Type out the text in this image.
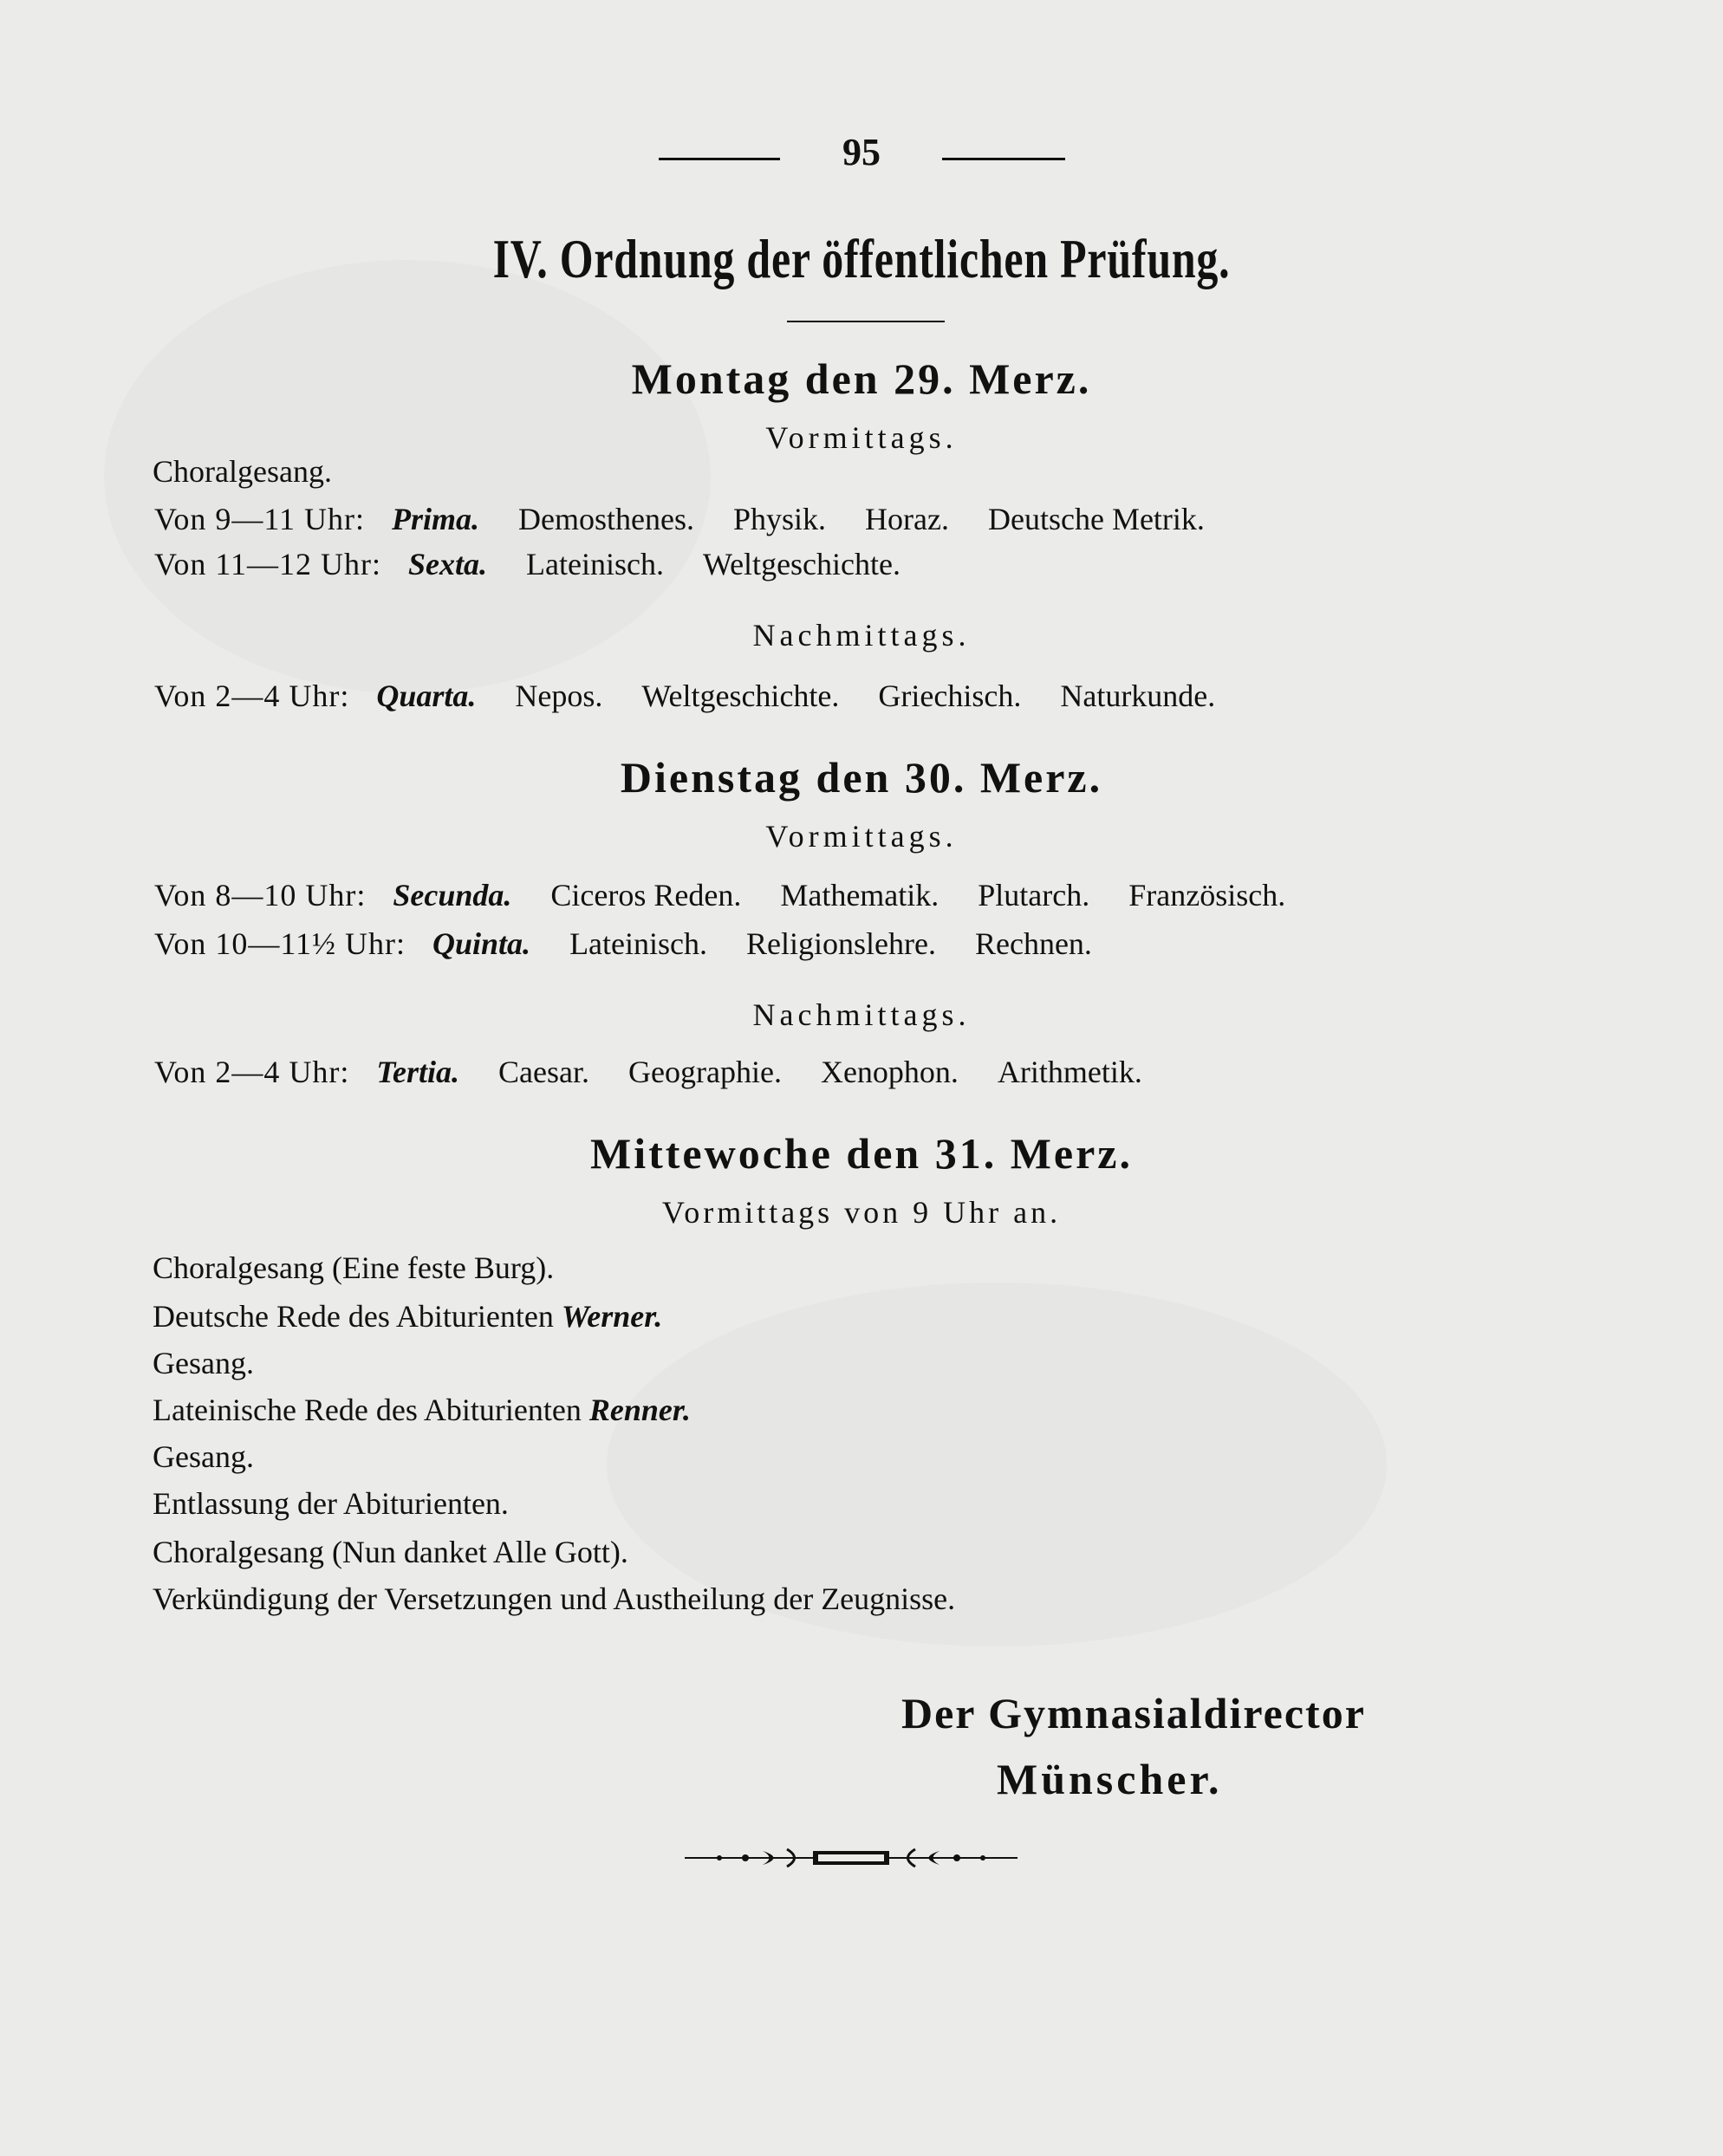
95
IV. Ordnung der öffentlichen Prüfung.
Montag den 29. Merz.
Vormittags.
Choralgesang.
Von 9—11 Uhr: Prima. Demosthenes. Physik. Horaz. Deutsche Metrik.
Von 11—12 Uhr: Sexta. Lateinisch. Weltgeschichte.
Nachmittags.
Von 2—4 Uhr: Quarta. Nepos. Weltgeschichte. Griechisch. Naturkunde.
Dienstag den 30. Merz.
Vormittags.
Von 8—10 Uhr: Secunda. Ciceros Reden. Mathematik. Plutarch. Französisch.
Von 10—11½ Uhr: Quinta. Lateinisch. Religionslehre. Rechnen.
Nachmittags.
Von 2—4 Uhr: Tertia. Caesar. Geographie. Xenophon. Arithmetik.
Mittewoche den 31. Merz.
Vormittags von 9 Uhr an.
Choralgesang (Eine feste Burg).
Deutsche Rede des Abiturienten Werner.
Gesang.
Lateinische Rede des Abiturienten Renner.
Gesang.
Entlassung der Abiturienten.
Choralgesang (Nun danket Alle Gott).
Verkündigung der Versetzungen und Austheilung der Zeugnisse.
Der Gymnasialdirector
Münscher.
